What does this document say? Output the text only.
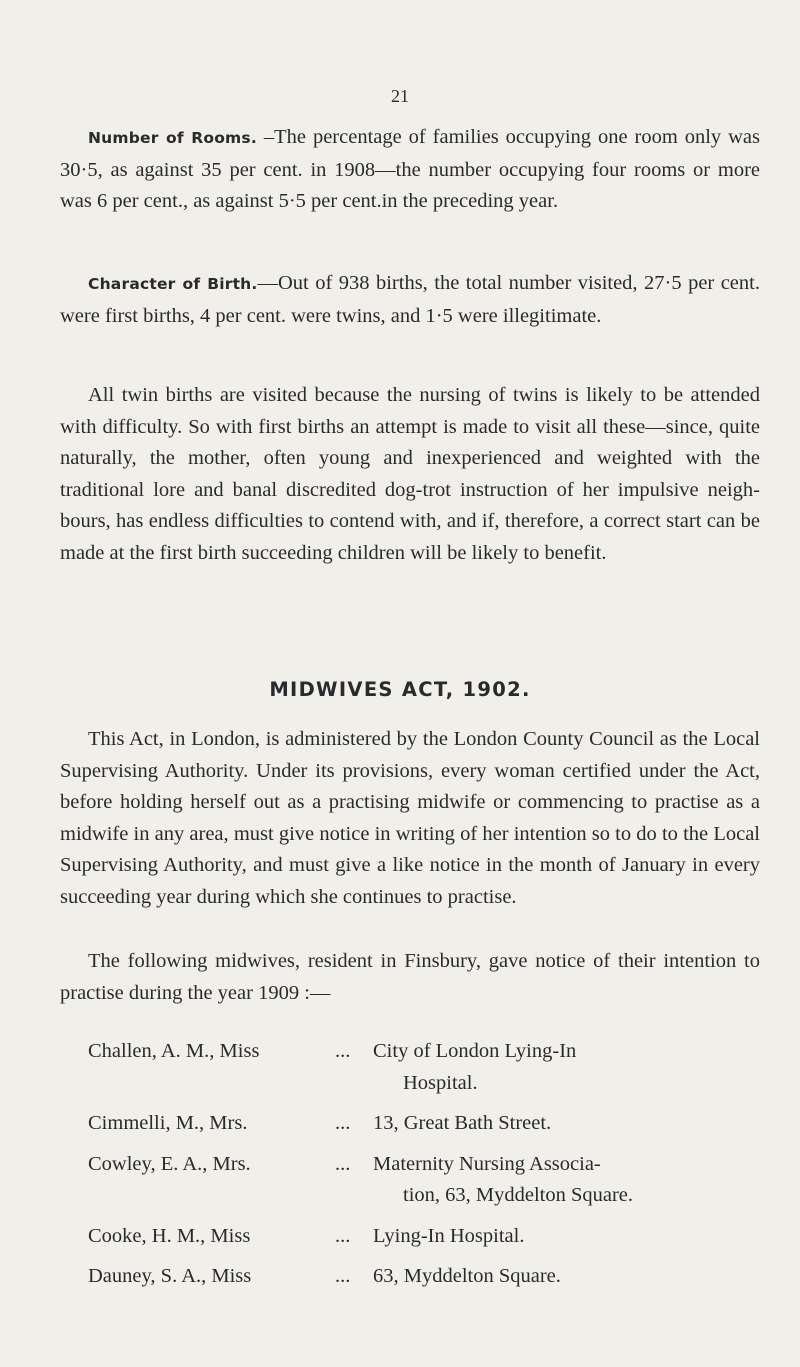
21

Number of Rooms. –The percentage of families occupying one room only was 30·5, as against 35 per cent. in 1908—the number occupying four rooms or more was 6 per cent., as against 5·5 per cent.in the preceding year.

Character of Birth.—Out of 938 births, the total number visited, 27·5 per cent. were first births, 4 per cent. were twins, and 1·5 were illegitimate.

All twin births are visited because the nursing of twins is likely to be attended with difficulty. So with first births an attempt is made to visit all these—since, quite naturally, the mother, often young and inexperienced and weighted with the traditional lore and banal discredited dog-trot instruction of her impulsive neigh- bours, has endless difficulties to contend with, and if, therefore, a correct start can be made at the first birth succeeding children will be likely to benefit.

MIDWIVES ACT, 1902.

This Act, in London, is administered by the London County Council as the Local Supervising Authority. Under its provisions, every woman certified under the Act, before holding herself out as a practising midwife or commencing to practise as a midwife in any area, must give notice in writing of her intention so to do to the Local Supervising Authority, and must give a like notice in the month of January in every succeeding year during which she continues to practise.

The following midwives, resident in Finsbury, gave notice of their intention to practise during the year 1909 :—

Challen, A. M., Miss	...	City of London Lying-In
Hospital.
Cimmelli, M., Mrs.	...	13, Great Bath Street.
Cowley, E. A., Mrs.	...	Maternity Nursing Associa-
tion, 63, Myddelton Square.
Cooke, H. M., Miss	...	Lying-In Hospital.
Dauney, S. A., Miss	...	63, Myddelton Square.
